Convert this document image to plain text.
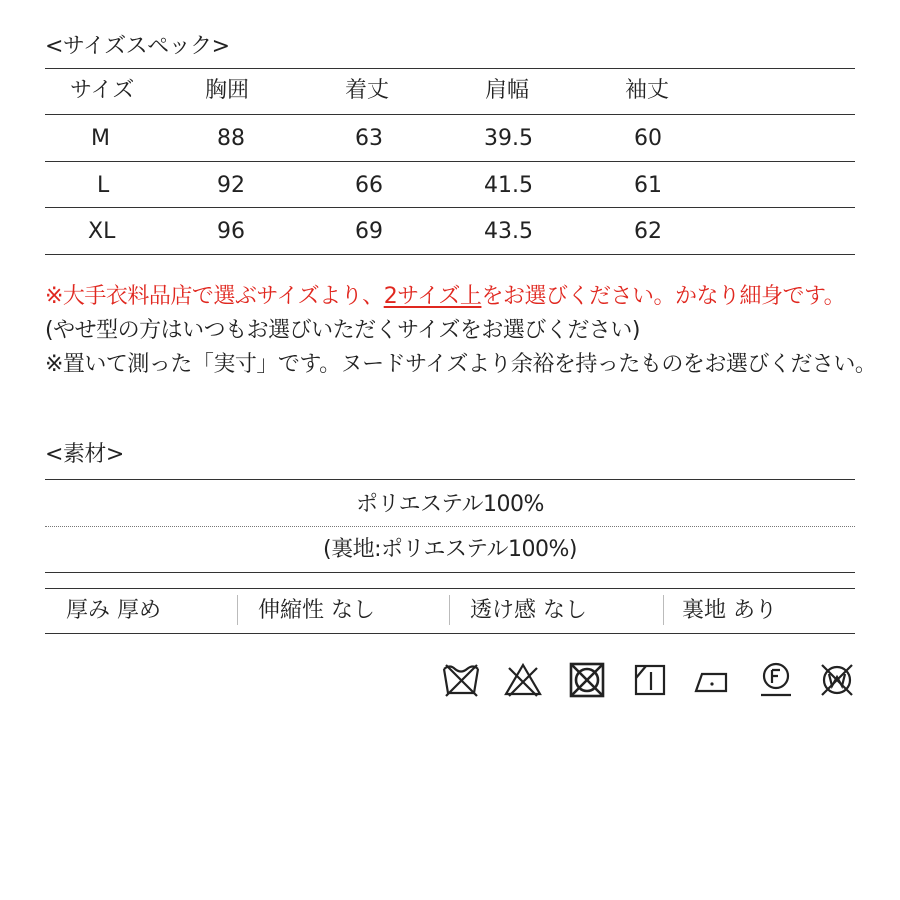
<サイズスペック>
サイズ	胸囲	着丈	肩幅	袖丈
M	88	63	39.5	60
L	92	66	41.5	61
XL	96	69	43.5	62
※大手衣料品店で選ぶサイズより、2サイズ上をお選びください。かなり細身です。
(やせ型の方はいつもお選びいただくサイズをお選びください)
※置いて測った「実寸」です。ヌードサイズより余裕を持ったものをお選びください。
<素材>
ポリエステル100%
(裏地:ポリエステル100%)
厚み 厚め	伸縮性 なし	透け感 なし	裏地 あり
